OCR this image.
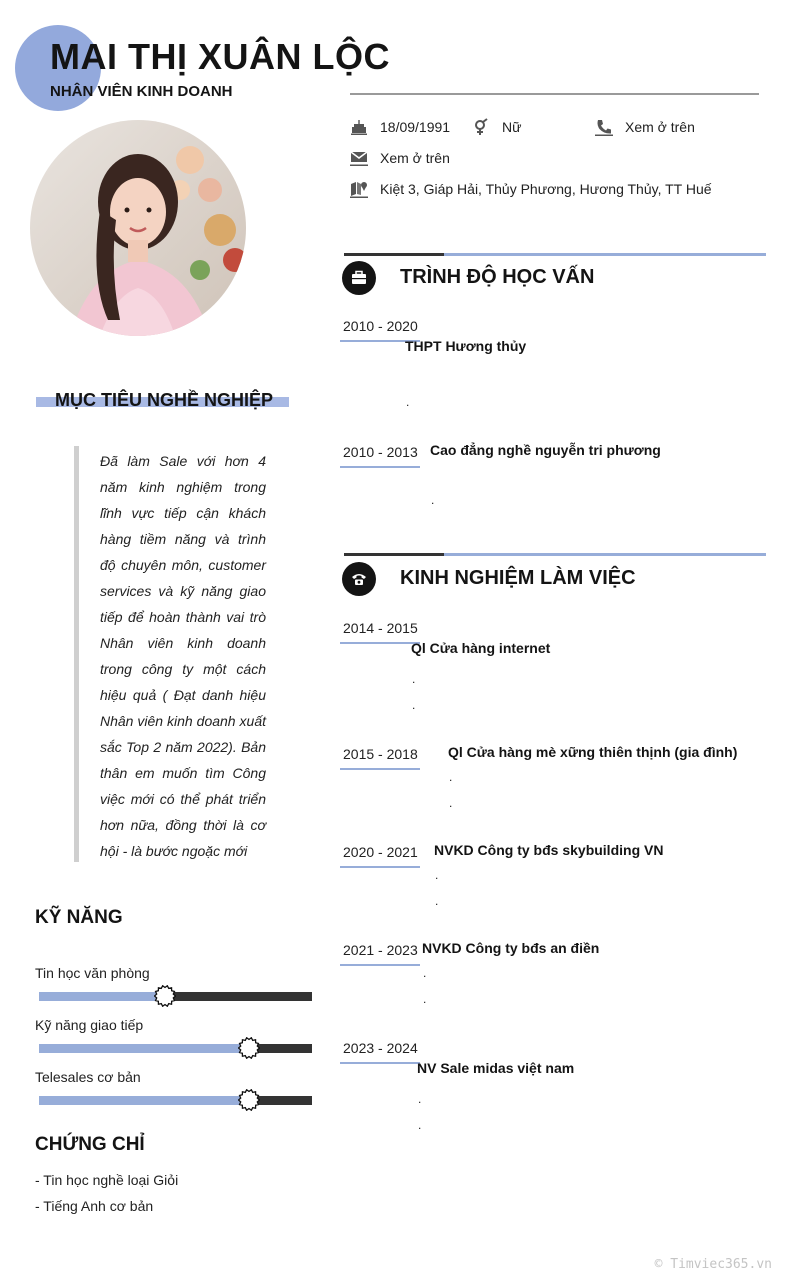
MAI THỊ XUÂN LỘC
NHÂN VIÊN KINH DOANH
18/09/1991	Nữ	Xem ở trên
Xem ở trên
Kiệt 3, Giáp Hải, Thủy Phương, Hương Thủy, TT Huế
MỤC TIÊU NGHỀ NGHIỆP
Đã làm Sale với hơn 4 năm kinh nghiệm trong lĩnh vực tiếp cận khách hàng tiềm năng và trình độ chuyên môn, customer services và kỹ năng giao tiếp để hoàn thành vai trò Nhân viên kinh doanh trong công ty một cách hiệu quả ( Đạt danh hiệu Nhân viên kinh doanh xuất sắc Top 2 năm 2022). Bản thân em muốn tìm Công việc mới có thể phát triển hơn nữa, đồng thời là cơ hội - là bước ngoặc mới
KỸ NĂNG
Tin học văn phòng
Kỹ năng giao tiếp
Telesales cơ bản
CHỨNG CHỈ
- Tin học nghề loại Giỏi
- Tiếng Anh cơ bản
TRÌNH ĐỘ HỌC VẤN
KINH NGHIỆM LÀM VIỆC
2010 - 2020
THPT Hương thủy
.
2010 - 2013 Cao đẳng nghề nguyễn tri phương
.
2014 - 2015
Ql Cửa hàng internet
.
.
2015 - 2018 Ql Cửa hàng mè xững thiên thịnh (gia đình)
.
.
2020 - 2021 NVKD Công ty bđs skybuilding VN
.
.
2021 - 2023 NVKD Công ty bđs an điền
.
.
2023 - 2024
NV Sale midas việt nam
.
.
© Timviec365.vn
